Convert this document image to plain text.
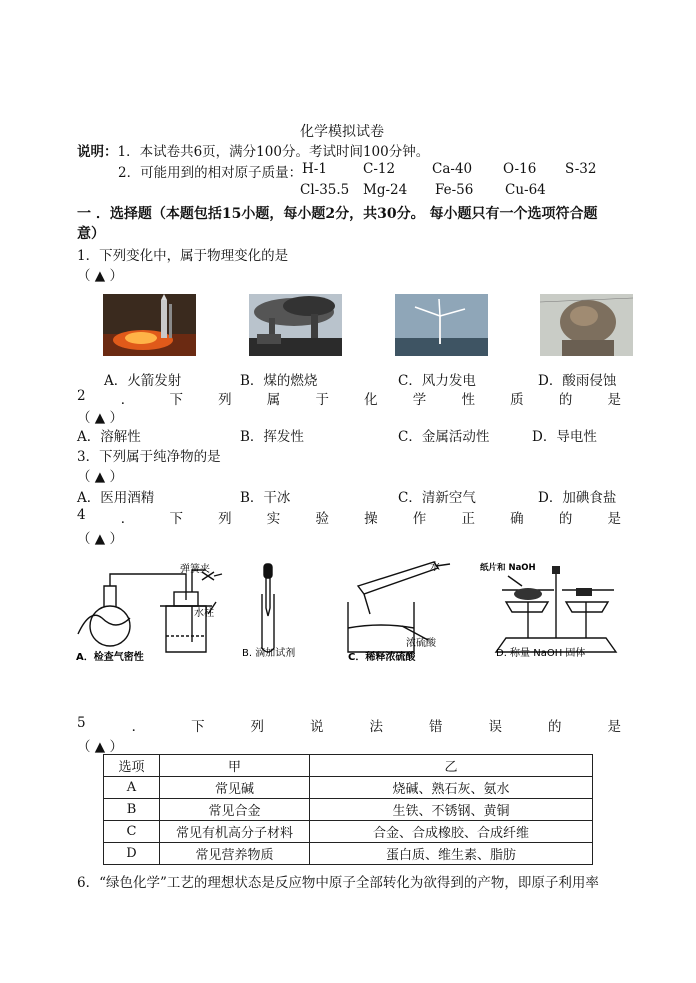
化学模拟试卷
说明：1．本试卷共6页，满分100分。考试时间100分钟。
2．可能用到的相对原子质量： H-1	C-12	Ca-40 O-16 S-32
Cl-35.5 Mg-24 Fe-56 Cu-64
一 ．选择题（本题包括15小题，每小题2分，共30分。 每小题只有一个选项符合题
意）
1．下列变化中，属于物理变化的是
（ ▲ ）
A．火箭发射	B．煤的燃烧	C．风力发电	D．酸雨侵蚀
2	．	下	列	属	于	化	学	性	质	的	是
（ ▲ ）
A．溶解性	B．挥发性	C．金属活动性	D．导电性
3．下列属于纯净物的是
（ ▲ ）
A．医用酒精	B．干冰	C．清新空气	D．加碘食盐
4	．	下	列	实	验	操	作	正	确	的	是
（ ▲ ）
弹簧夹
水柱
水
浓硫酸
纸片和 NaOH
A．检查气密性	B. 滴加试剂	C．稀释浓硫酸	D. 称量 NaOH 固体
5	．	下	列	说	法	错	误	的	是
（ ▲ ）
选项	甲	乙
A	常见碱	烧碱、熟石灰、氨水
B	常见合金	生铁、不锈钢、黄铜
C	常见有机高分子材料	合金、合成橡胶、合成纤维
D	常见营养物质	蛋白质、维生素、脂肪
6．“绿色化学”工艺的理想状态是反应物中原子全部转化为欲得到的产物，即原子利用率
